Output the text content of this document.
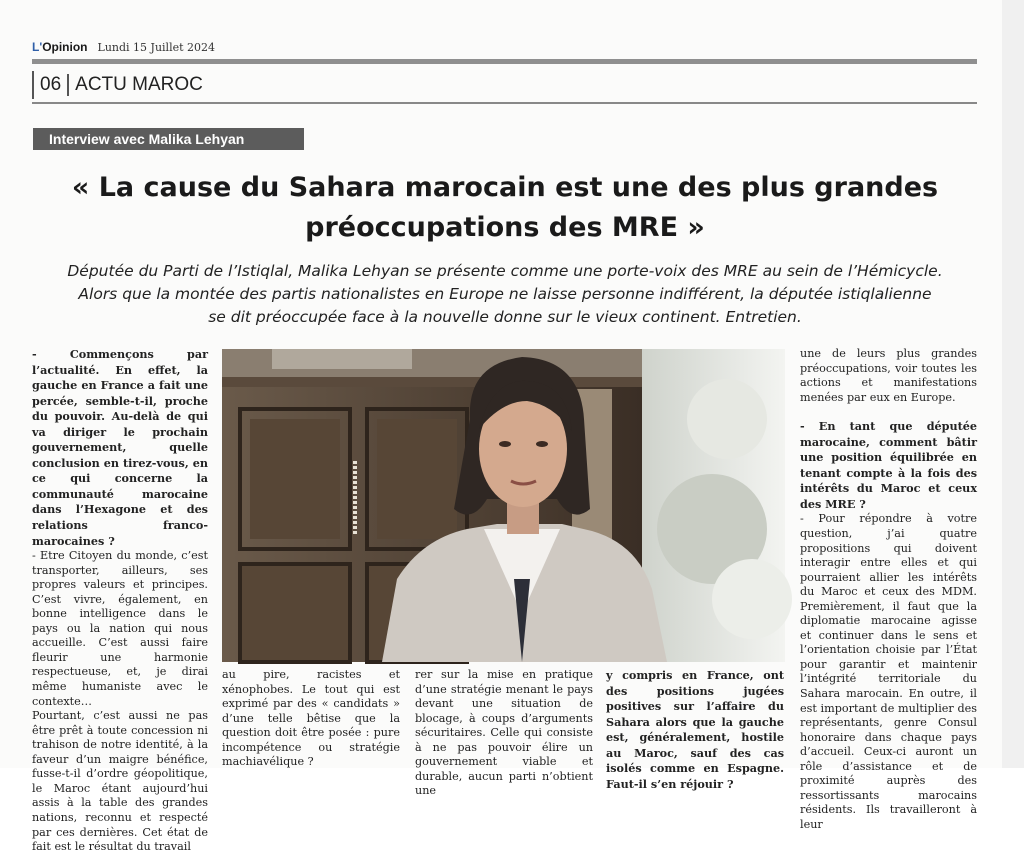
L'Opinion Lundi 15 Juillet 2024
06 ACTU MAROC
Interview avec Malika Lehyan
« La cause du Sahara marocain est une des plus grandes
préoccupations des MRE »

Députée du Parti de l’Istiqlal, Malika Lehyan se présente comme une porte-voix des MRE au sein de l’Hémicycle.
Alors que la montée des partis nationalistes en Europe ne laisse personne indifférent, la députée istiqlalienne
se dit préoccupée face à la nouvelle donne sur le vieux continent. Entretien.

- Commençons par l’actualité. En effet, la gauche en France a fait une percée, semble-t-il, proche du pouvoir. Au-delà de qui va diriger le prochain gouvernement, quelle conclusion en tirez-vous, en ce qui concerne la communauté marocaine dans l’Hexagone et des relations franco-marocaines ?

- Etre Citoyen du monde, c’est transporter, ailleurs, ses propres valeurs et principes. C’est vivre, également, en bonne intelligence dans le pays ou la nation qui nous accueille. C’est aussi faire fleurir une harmonie respectueuse, et, je dirai même humaniste avec le contexte…

Pourtant, c’est aussi ne pas être prêt à toute concession ni trahison de notre identité, à la faveur d’un maigre bénéfice, fusse-t-il d’ordre géopolitique, le Maroc étant aujourd’hui assis à la table des grandes nations, reconnu et respecté par ces dernières. Cet état de fait est le résultat du travail

au pire, racistes et xénophobes. Le tout qui est exprimé par des « candidats » d’une telle bêtise que la question doit être posée : pure incompétence ou stratégie machiavélique ?

rer sur la mise en pratique d’une stratégie menant le pays devant une situation de blocage, à coups d’arguments sécuritaires. Celle qui consiste à ne pas pouvoir élire un gouvernement viable et durable, aucun parti n’obtient une

y compris en France, ont des positions jugées positives sur l’affaire du Sahara alors que la gauche est, généralement, hostile au Maroc, sauf des cas isolés comme en Espagne. Faut-il s’en réjouir ?

une de leurs plus grandes préoccupations, voir toutes les actions et manifestations menées par eux en Europe.

- En tant que députée marocaine, comment bâtir une position équilibrée en tenant compte à la fois des intérêts du Maroc et ceux des MRE ?

- Pour répondre à votre question, j’ai quatre propositions qui doivent interagir entre elles et qui pourraient allier les intérêts du Maroc et ceux des MDM. Premièrement, il faut que la diplomatie marocaine agisse et continuer dans le sens et l’orientation choisie par l’État pour garantir et maintenir l’intégrité territoriale du Sahara marocain. En outre, il est important de multiplier des représentants, genre Consul honoraire dans chaque pays d’accueil. Ceux-ci auront un rôle d’assistance et de proximité auprès des ressortissants marocains résidents. Ils travailleront à leur
